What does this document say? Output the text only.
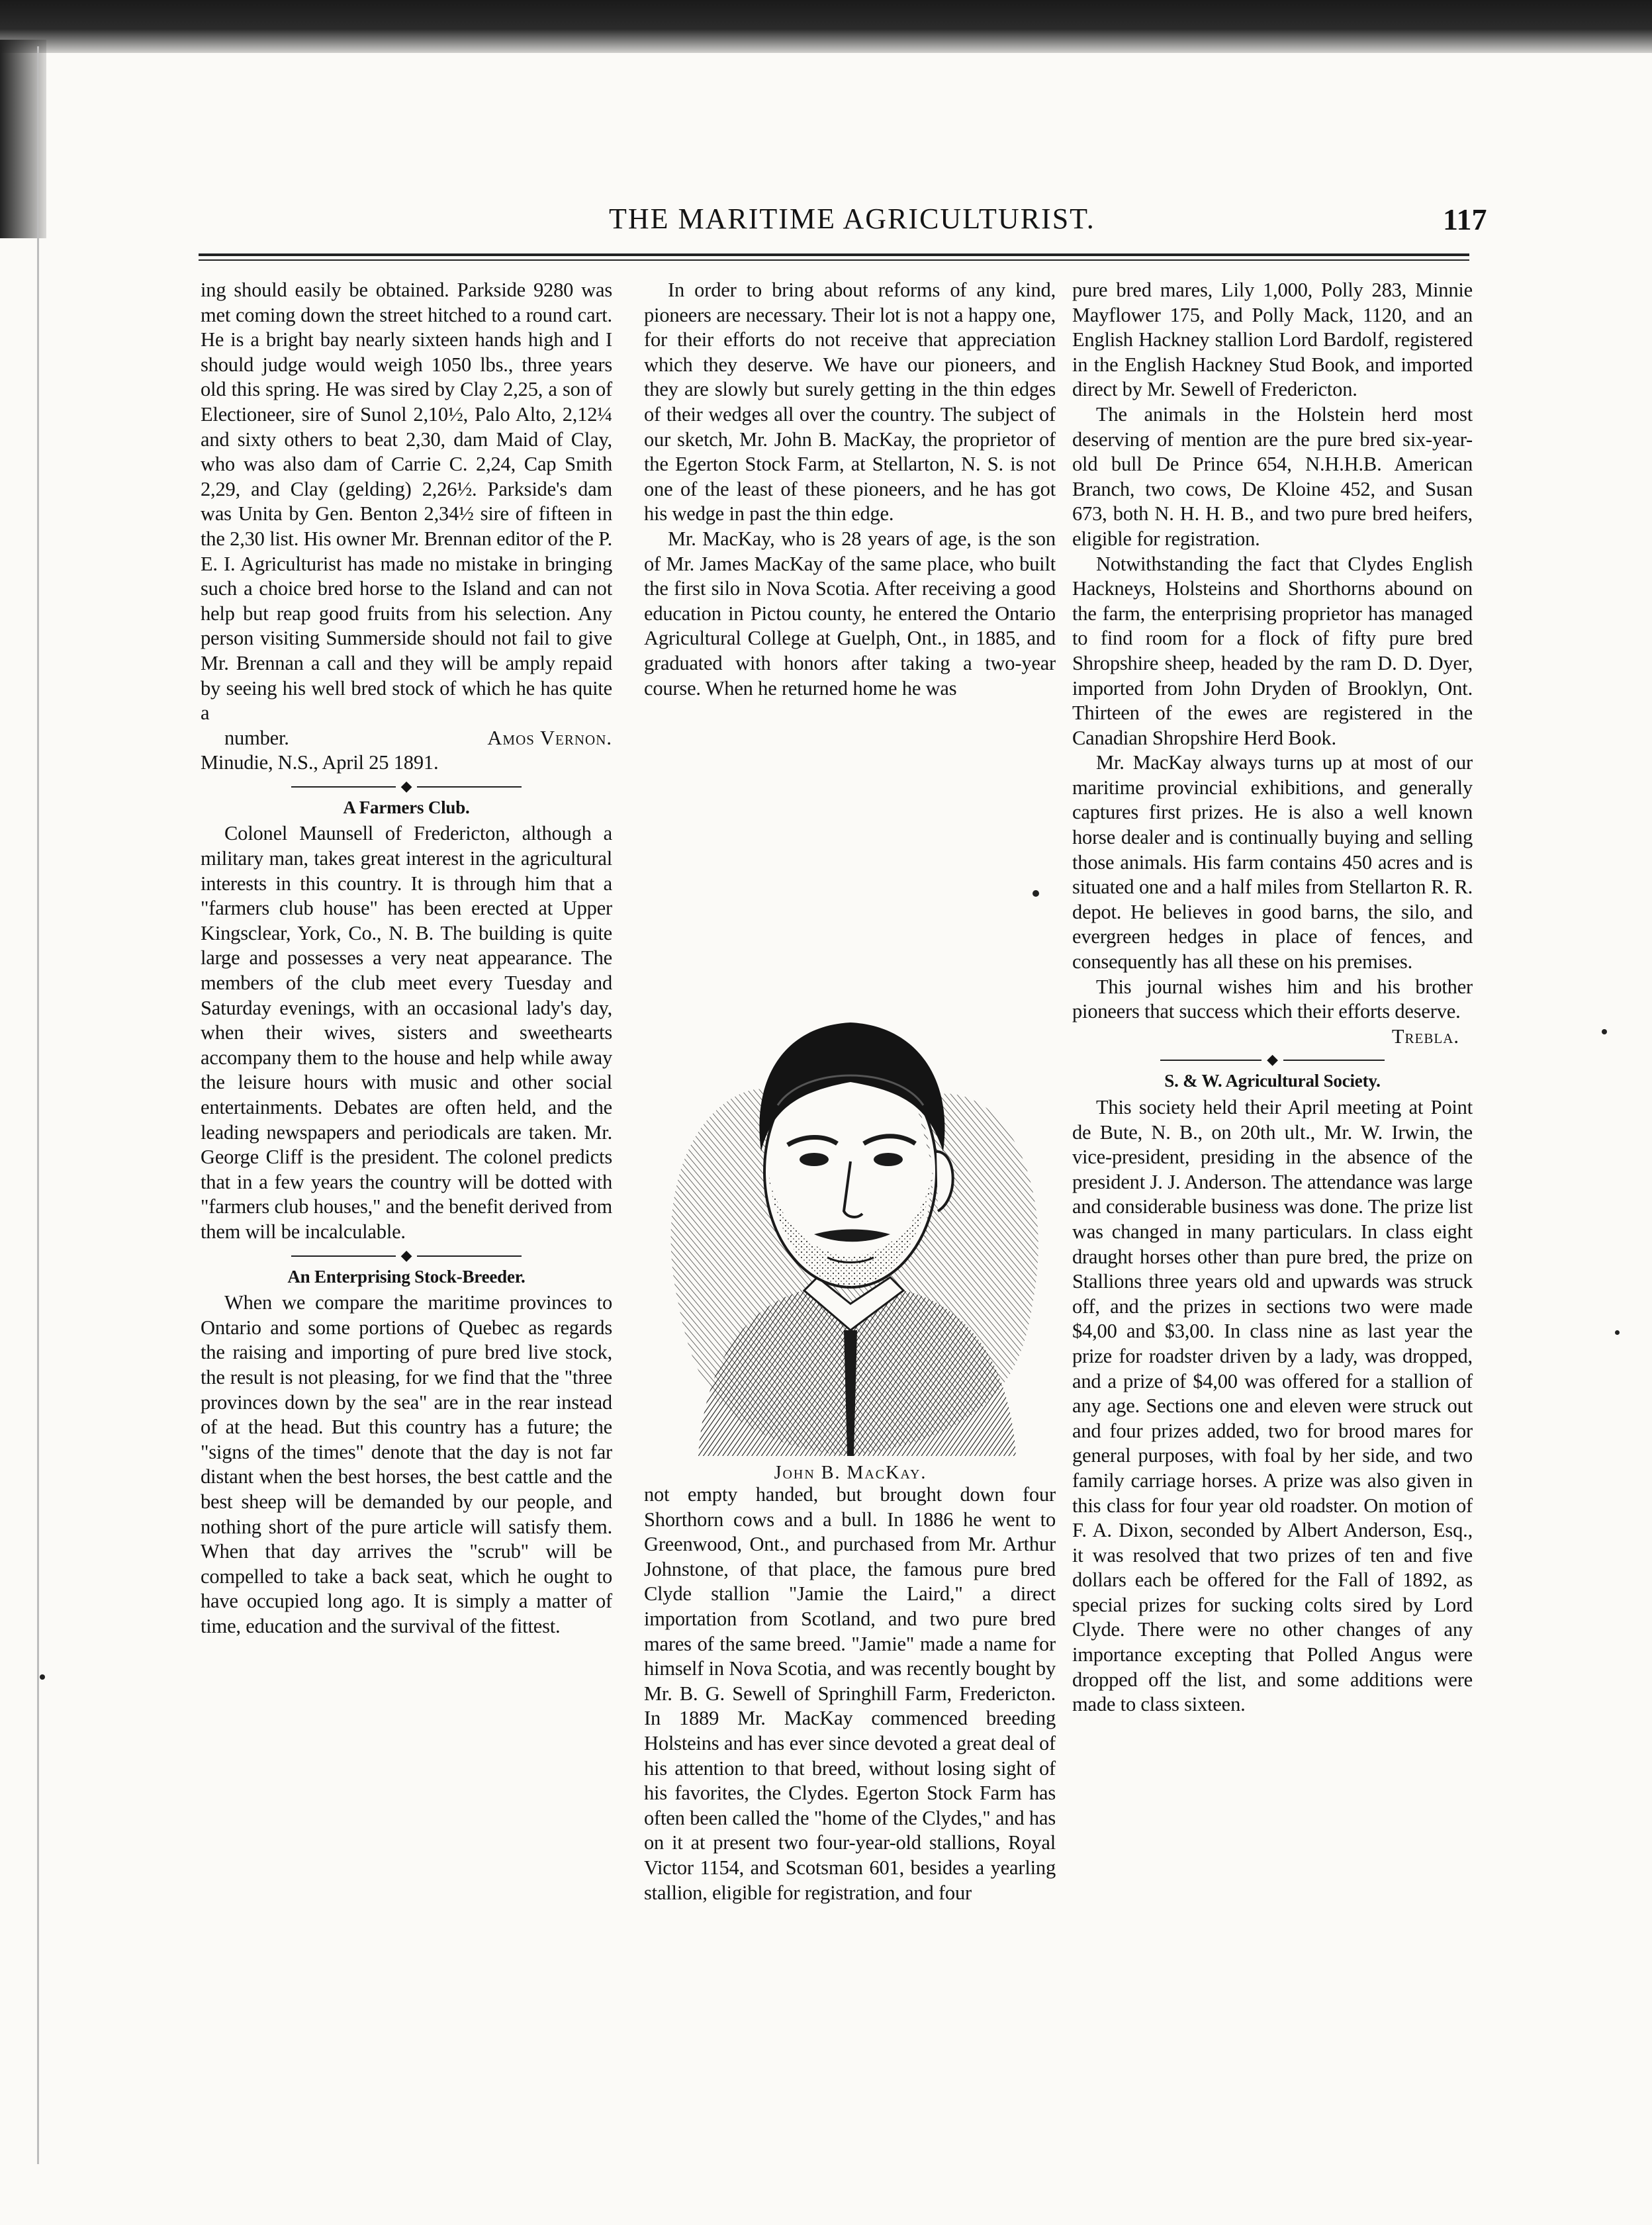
THE MARITIME AGRICULTURIST.	117

ing should easily be obtained. Parkside 9280 was met coming down the street hitched to a round cart. He is a bright bay nearly sixteen hands high and I should judge would weigh 1050 lbs., three years old this spring. He was sired by Clay 2,25, a son of Electioneer, sire of Sunol 2,10½, Palo Alto, 2,12¼ and sixty others to beat 2,30, dam Maid of Clay, who was also dam of Carrie C. 2,24, Cap Smith 2,29, and Clay (gelding) 2,26½. Parkside's dam was Unita by Gen. Benton 2,34½ sire of fifteen in the 2,30 list. His owner Mr. Brennan editor of the P. E. I. Agriculturist has made no mistake in bringing such a choice bred horse to the Island and can not help but reap good fruits from his selection. Any person visiting Summerside should not fail to give Mr. Brennan a call and they will be amply repaid by seeing his well bred stock of which he has quite a

number.	Amos Vernon.

Minudie, N.S., April 25 1891.

◆

A Farmers Club.

Colonel Maunsell of Fredericton, although a military man, takes great interest in the agricultural interests in this country. It is through him that a "farmers club house" has been erected at Upper Kingsclear, York, Co., N. B. The building is quite large and possesses a very neat appearance. The members of the club meet every Tuesday and Saturday evenings, with an occasional lady's day, when their wives, sisters and sweethearts accompany them to the house and help while away the leisure hours with music and other social entertainments. Debates are often held, and the leading newspapers and periodicals are taken. Mr. George Cliff is the president. The colonel predicts that in a few years the country will be dotted with "farmers club houses," and the benefit derived from them will be incalculable.

◆

An Enterprising Stock-Breeder.

When we compare the maritime provinces to Ontario and some portions of Quebec as regards the raising and importing of pure bred live stock, the result is not pleasing, for we find that the "three provinces down by the sea" are in the rear instead of at the head. But this country has a future; the "signs of the times" denote that the day is not far distant when the best horses, the best cattle and the best sheep will be demanded by our people, and nothing short of the pure article will satisfy them. When that day arrives the "scrub" will be compelled to take a back seat, which he ought to have occupied long ago. It is simply a matter of time, education and the survival of the fittest.

In order to bring about reforms of any kind, pioneers are necessary. Their lot is not a happy one, for their efforts do not receive that appreciation which they deserve. We have our pioneers, and they are slowly but surely getting in the thin edges of their wedges all over the country. The subject of our sketch, Mr. John B. MacKay, the proprietor of the Egerton Stock Farm, at Stellarton, N. S. is not one of the least of these pioneers, and he has got his wedge in past the thin edge.

Mr. MacKay, who is 28 years of age, is the son of Mr. James MacKay of the same place, who built the first silo in Nova Scotia. After receiving a good education in Pictou county, he entered the Ontario Agricultural College at Guelph, Ont., in 1885, and graduated with honors after taking a two-year course. When he returned home he was

John B. MacKay.

not empty handed, but brought down four Shorthorn cows and a bull. In 1886 he went to Greenwood, Ont., and purchased from Mr. Arthur Johnstone, of that place, the famous pure bred Clyde stallion "Jamie the Laird," a direct importation from Scotland, and two pure bred mares of the same breed. "Jamie" made a name for himself in Nova Scotia, and was recently bought by Mr. B. G. Sewell of Springhill Farm, Fredericton. In 1889 Mr. MacKay commenced breeding Holsteins and has ever since devoted a great deal of his attention to that breed, without losing sight of his favorites, the Clydes. Egerton Stock Farm has often been called the "home of the Clydes," and has on it at present two four-year-old stallions, Royal Victor 1154, and Scotsman 601, besides a yearling stallion, eligible for registration, and four

pure bred mares, Lily 1,000, Polly 283, Minnie Mayflower 175, and Polly Mack, 1120, and an English Hackney stallion Lord Bardolf, registered in the English Hackney Stud Book, and imported direct by Mr. Sewell of Fredericton.

The animals in the Holstein herd most deserving of mention are the pure bred six-year-old bull De Prince 654, N.H.H.B. American Branch, two cows, De Kloine 452, and Susan 673, both N. H. H. B., and two pure bred heifers, eligible for registration.

Notwithstanding the fact that Clydes English Hackneys, Holsteins and Shorthorns abound on the farm, the enterprising proprietor has managed to find room for a flock of fifty pure bred Shropshire sheep, headed by the ram D. D. Dyer, imported from John Dryden of Brooklyn, Ont. Thirteen of the ewes are registered in the Canadian Shropshire Herd Book.

Mr. MacKay always turns up at most of our maritime provincial exhibitions, and generally captures first prizes. He is also a well known horse dealer and is continually buying and selling those animals. His farm contains 450 acres and is situated one and a half miles from Stellarton R. R. depot. He believes in good barns, the silo, and evergreen hedges in place of fences, and consequently has all these on his premises.

This journal wishes him and his brother pioneers that success which their efforts deserve.

Trebla.

◆

S. & W. Agricultural Society.

This society held their April meeting at Point de Bute, N. B., on 20th ult., Mr. W. Irwin, the vice-president, presiding in the absence of the president J. J. Anderson. The attendance was large and considerable business was done. The prize list was changed in many particulars. In class eight draught horses other than pure bred, the prize on Stallions three years old and upwards was struck off, and the prizes in sections two were made $4,00 and $3,00. In class nine as last year the prize for roadster driven by a lady, was dropped, and a prize of $4,00 was offered for a stallion of any age. Sections one and eleven were struck out and four prizes added, two for brood mares for general purposes, with foal by her side, and two family carriage horses. A prize was also given in this class for four year old roadster. On motion of F. A. Dixon, seconded by Albert Anderson, Esq., it was resolved that two prizes of ten and five dollars each be offered for the Fall of 1892, as special prizes for sucking colts sired by Lord Clyde. There were no other changes of any importance excepting that Polled Angus were dropped off the list, and some additions were made to class sixteen.
